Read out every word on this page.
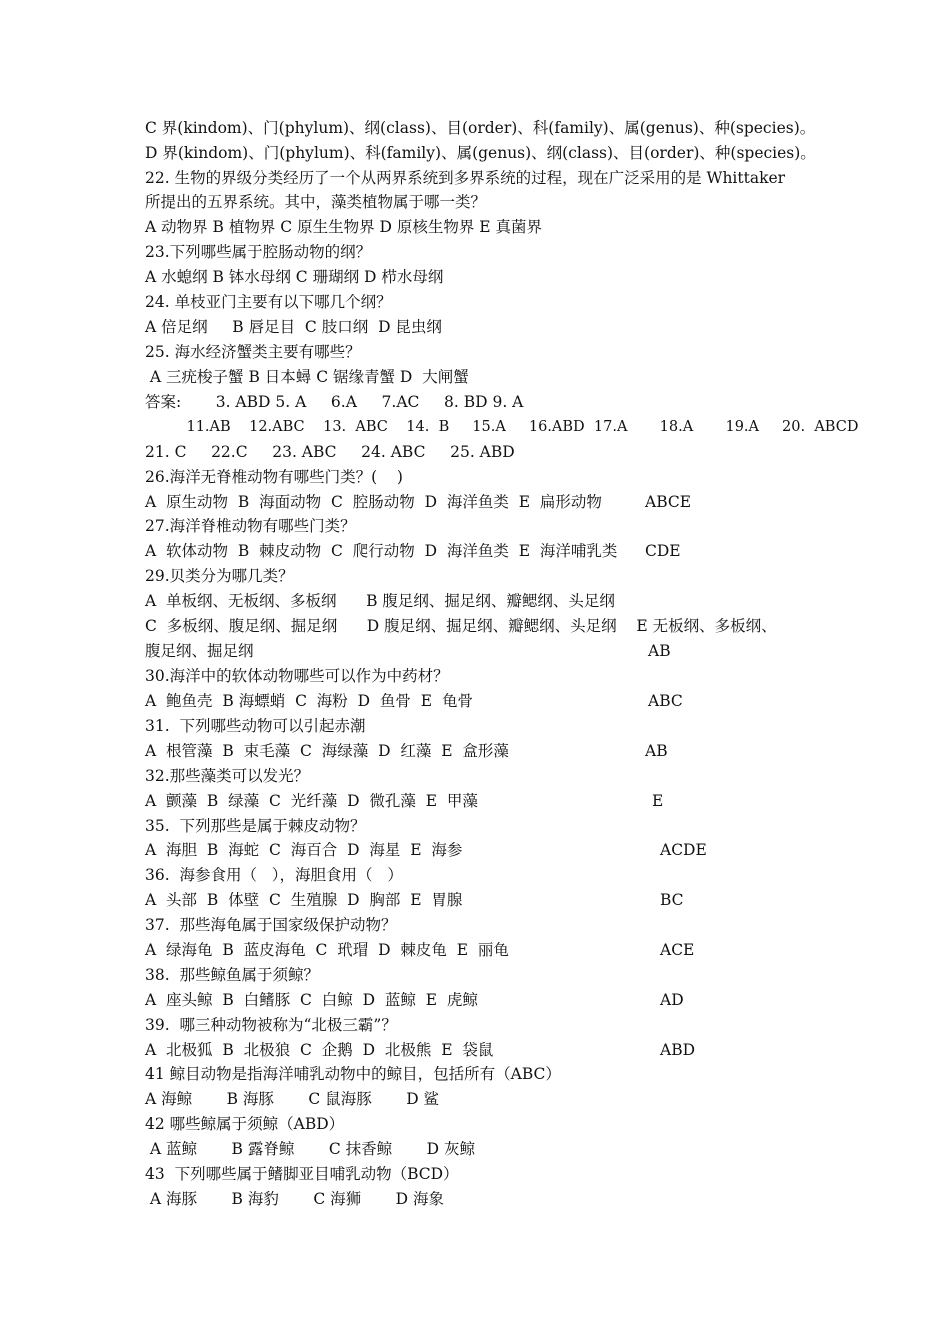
C 界(kindom)、门(phylum)、纲(class)、目(order)、科(family)、属(genus)、种(species)。
D 界(kindom)、门(phylum)、科(family)、属(genus)、纲(class)、目(order)、种(species)。
22. 生物的界级分类经历了一个从两界系统到多界系统的过程，现在广泛采用的是 Whittaker
所提出的五界系统。其中，藻类植物属于哪一类？
A 动物界 B 植物界 C 原生生物界 D 原核生物界 E 真菌界
23.下列哪些属于腔肠动物的纲？
A 水螅纲 B 钵水母纲 C 珊瑚纲 D 栉水母纲
24. 单枝亚门主要有以下哪几个纲？
A 倍足纲     B 唇足目  C 肢口纲  D 昆虫纲
25. 海水经济蟹类主要有哪些？
A 三疣梭子蟹 B 日本蟳 C 锯缘青蟹 D  大闸蟹
答案:       3. ABD 5. A     6.A     7.AC     8. BD 9. A
11.AB    12.ABC    13.  ABC    14.  B     15.A     16.ABD  17.A       18.A       19.A     20.  ABCD
21. C     22.C     23. ABC     24. ABC     25. ABD
26.海洋无脊椎动物有哪些门类？(    )
A  原生动物  B  海面动物  C  腔肠动物  D  海洋鱼类  E  扁形动物
27.海洋脊椎动物有哪些门类？
A  软体动物  B  棘皮动物  C  爬行动物  D  海洋鱼类  E  海洋哺乳类
29.贝类分为哪几类？
A  单板纲、无板纲、多板纲      B 腹足纲、掘足纲、瓣鳃纲、头足纲
C  多板纲、腹足纲、掘足纲      D 腹足纲、掘足纲、瓣鳃纲、头足纲    E 无板纲、多板纲、
腹足纲、掘足纲
30.海洋中的软体动物哪些可以作为中药材？
A  鲍鱼壳  B 海螵蛸  C  海粉  D  鱼骨  E  龟骨
31.  下列哪些动物可以引起赤潮
A  根管藻  B  束毛藻  C  海绿藻  D  红藻  E  盒形藻
32.那些藻类可以发光？
A  颤藻  B  绿藻  C  光纤藻  D  微孔藻  E  甲藻
35.  下列那些是属于棘皮动物？
A  海胆  B  海蛇  C  海百合  D  海星  E  海参
36.  海参食用（   ），海胆食用（   ）
A  头部  B  体壁  C  生殖腺  D  胸部  E  胃腺
37.  那些海龟属于国家级保护动物？
A  绿海龟  B  蓝皮海龟  C  玳瑁  D  棘皮龟  E  丽龟
38.  那些鲸鱼属于须鲸？
A  座头鲸  B  白鳍豚  C  白鲸  D  蓝鲸  E  虎鲸
39.  哪三种动物被称为“北极三霸”？
A  北极狐  B  北极狼  C  企鹅  D  北极熊  E  袋鼠
41 鲸目动物是指海洋哺乳动物中的鲸目，包括所有（ABC）
A 海鲸       B 海豚       C 鼠海豚       D 鲨
42 哪些鲸属于须鲸（ABD）
A 蓝鲸       B 露脊鲸       C 抹香鲸       D 灰鲸
43  下列哪些属于鳍脚亚目哺乳动物（BCD）
A 海豚       B 海豹       C 海狮       D 海象
ABCE
CDE
AB
ABC
AB
E
ACDE
BC
ACE
AD
ABD
